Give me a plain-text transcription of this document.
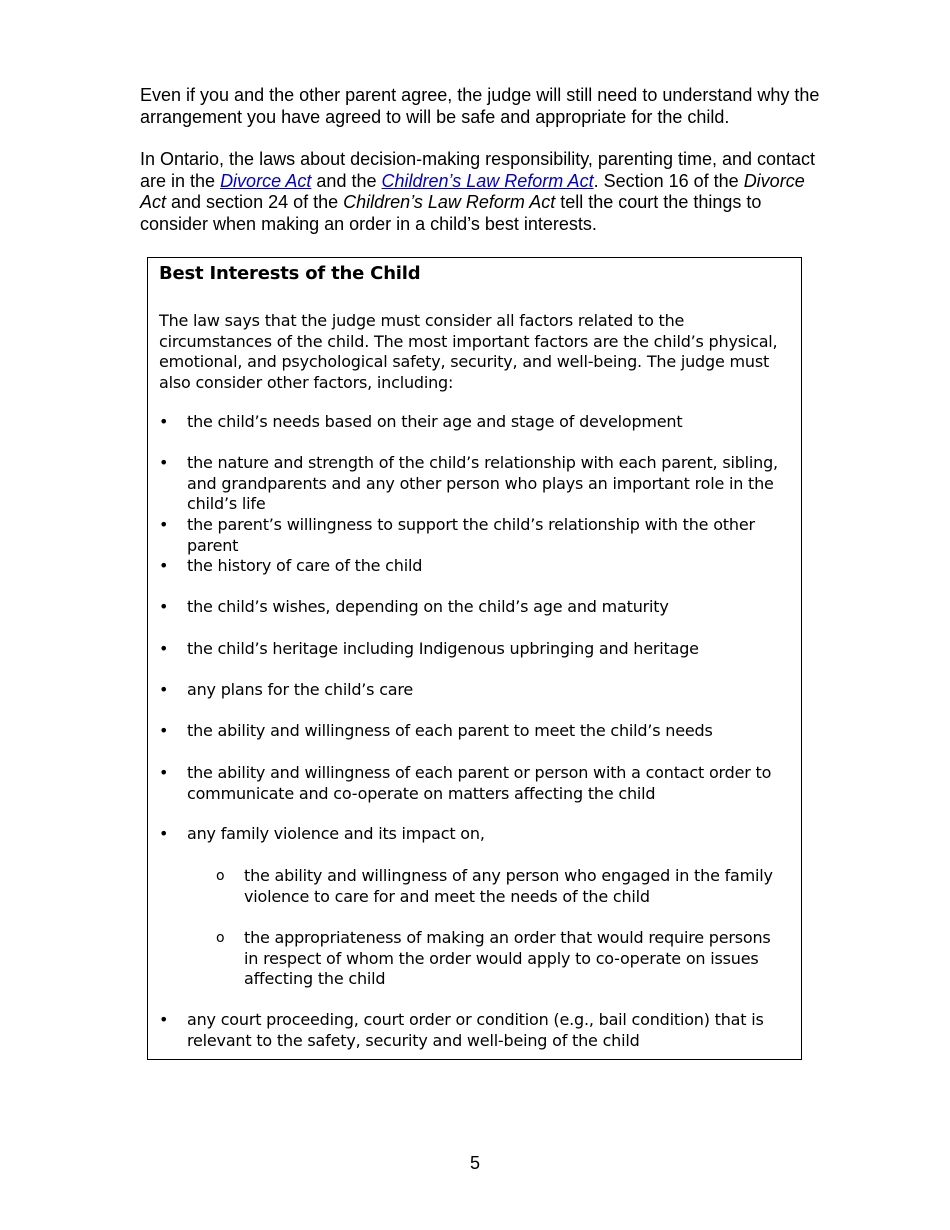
Even if you and the other parent agree, the judge will still need to understand why the arrangement you have agreed to will be safe and appropriate for the child.

In Ontario, the laws about decision-making responsibility, parenting time, and contact are in the Divorce Act and the Children’s Law Reform Act. Section 16 of the Divorce Act and section 24 of the Children’s Law Reform Act tell the court the things to consider when making an order in a child’s best interests.

Best Interests of the Child

The law says that the judge must consider all factors related to the circumstances of the child. The most important factors are the child’s physical, emotional, and psychological safety, security, and well-being. The judge must also consider other factors, including:

• the child’s needs based on their age and stage of development

• the nature and strength of the child’s relationship with each parent, sibling, and grandparents and any other person who plays an important role in the child’s life

• the parent’s willingness to support the child’s relationship with the other parent

• the history of care of the child

• the child’s wishes, depending on the child’s age and maturity

• the child’s heritage including Indigenous upbringing and heritage

• any plans for the child’s care

• the ability and willingness of each parent to meet the child’s needs

• the ability and willingness of each parent or person with a contact order to communicate and co-operate on matters affecting the child

• any family violence and its impact on,

o the ability and willingness of any person who engaged in the family violence to care for and meet the needs of the child

o the appropriateness of making an order that would require persons in respect of whom the order would apply to co-operate on issues affecting the child

• any court proceeding, court order or condition (e.g., bail condition) that is relevant to the safety, security and well-being of the child

5
